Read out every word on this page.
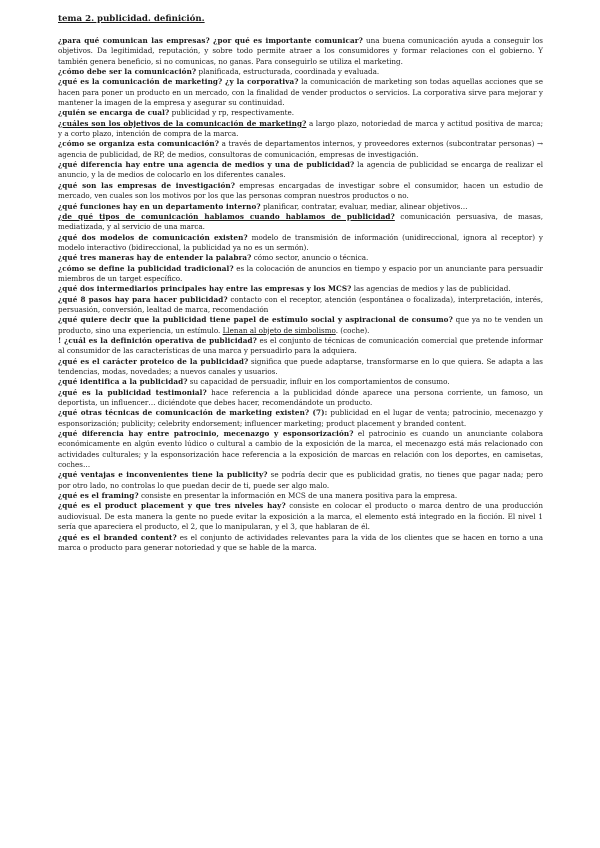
tema 2. publicidad. definición.

¿para qué comunican las empresas? ¿por qué es importante comunicar? una buena comunicación ayuda a conseguir los objetivos. Da legitimidad, reputación, y sobre todo permite atraer a los consumidores y formar relaciones con el gobierno. Y también genera beneficio, si no comunicas, no ganas. Para conseguirlo se utiliza el marketing.

¿cómo debe ser la comunicación? planificada, estructurada, coordinada y evaluada.

¿qué es la comunicación de marketing? ¿y la corporativa? la comunicación de marketing son todas aquellas acciones que se hacen para poner un producto en un mercado, con la finalidad de vender productos o servicios. La corporativa sirve para mejorar y mantener la imagen de la empresa y asegurar su continuidad.

¿quién se encarga de cual? publicidad y rp, respectivamente.

¿cuáles son los objetivos de la comunicación de marketing? a largo plazo, notoriedad de marca y actitud positiva de marca; y a corto plazo, intención de compra de la marca.

¿cómo se organiza esta comunicación? a través de departamentos internos, y proveedores externos (subcontratar personas) → agencia de publicidad, de RP, de medios, consultoras de comunicación, empresas de investigación.

¿qué diferencia hay entre una agencia de medios y una de publicidad? la agencia de publicidad se encarga de realizar el anuncio, y la de medios de colocarlo en los diferentes canales.

¿qué son las empresas de investigación? empresas encargadas de investigar sobre el consumidor, hacen un estudio de mercado, ven cuales son los motivos por los que las personas compran nuestros productos o no.

¿qué funciones hay en un departamento interno? planificar, contratar, evaluar, mediar, alinear objetivos…

¿de qué tipos de comunicación hablamos cuando hablamos de publicidad? comunicación persuasiva, de masas, mediatizada, y al servicio de una marca.

¿qué dos modelos de comunicación existen? modelo de transmisión de información (unidireccional, ignora al receptor) y modelo interactivo (bidireccional, la publicidad ya no es un sermón).

¿qué tres maneras hay de entender la palabra? cómo sector, anuncio o técnica.

¿cómo se define la publicidad tradicional? es la colocación de anuncios en tiempo y espacio por un anunciante para persuadir miembros de un target específico.

¿qué dos intermediarios principales hay entre las empresas y los MCS? las agencias de medios y las de publicidad.

¿qué 8 pasos hay para hacer publicidad? contacto con el receptor, atención (espontánea o focalizada), interpretación, interés, persuasión, conversión, lealtad de marca, recomendación

¿qué quiere decir que la publicidad tiene papel de estímulo social y aspiracional de consumo? que ya no te venden un producto, sino una experiencia, un estímulo. Llenan al objeto de simbolismo. (coche).

! ¿cuál es la definición operativa de publicidad? es el conjunto de técnicas de comunicación comercial que pretende informar al consumidor de las características de una marca y persuadirlo para la adquiera.

¿qué es el carácter proteico de la publicidad? significa que puede adaptarse, transformarse en lo que quiera. Se adapta a las tendencias, modas, novedades; a nuevos canales y usuarios.

¿qué identifica a la publicidad? su capacidad de persuadir, influir en los comportamientos de consumo.

¿qué es la publicidad testimonial? hace referencia a la publicidad dónde aparece una persona corriente, un famoso, un deportista, un influencer… diciéndote que debes hacer, recomendándote un producto.

¿qué otras técnicas de comunicación de marketing existen? (7): publicidad en el lugar de venta; patrocinio, mecenazgo y esponsorización; publicity; celebrity endorsement; influencer marketing; product placement y branded content.

¿qué diferencia hay entre patrocinio, mecenazgo y esponsorización? el patrocinio es cuando un anunciante colabora económicamente en algún evento lúdico o cultural a cambio de la exposición de la marca, el mecenazgo está más relacionado con actividades culturales; y la esponsorización hace referencia a la exposición de marcas en relación con los deportes, en camisetas, coches…

¿qué ventajas e inconvenientes tiene la publicity? se podría decir que es publicidad gratis, no tienes que pagar nada; pero por otro lado, no controlas lo que puedan decir de ti, puede ser algo malo.

¿qué es el framing? consiste en presentar la información en MCS de una manera positiva para la empresa.

¿qué es el product placement y que tres niveles hay? consiste en colocar el producto o marca dentro de una producción audiovisual. De esta manera la gente no puede evitar la exposición a la marca, el elemento está integrado en la ficción. El nivel 1 sería que apareciera el producto, el 2, que lo manipularan, y el 3, que hablaran de él.

¿qué es el branded content? es el conjunto de actividades relevantes para la vida de los clientes que se hacen en torno a una marca o producto para generar notoriedad y que se hable de la marca.
